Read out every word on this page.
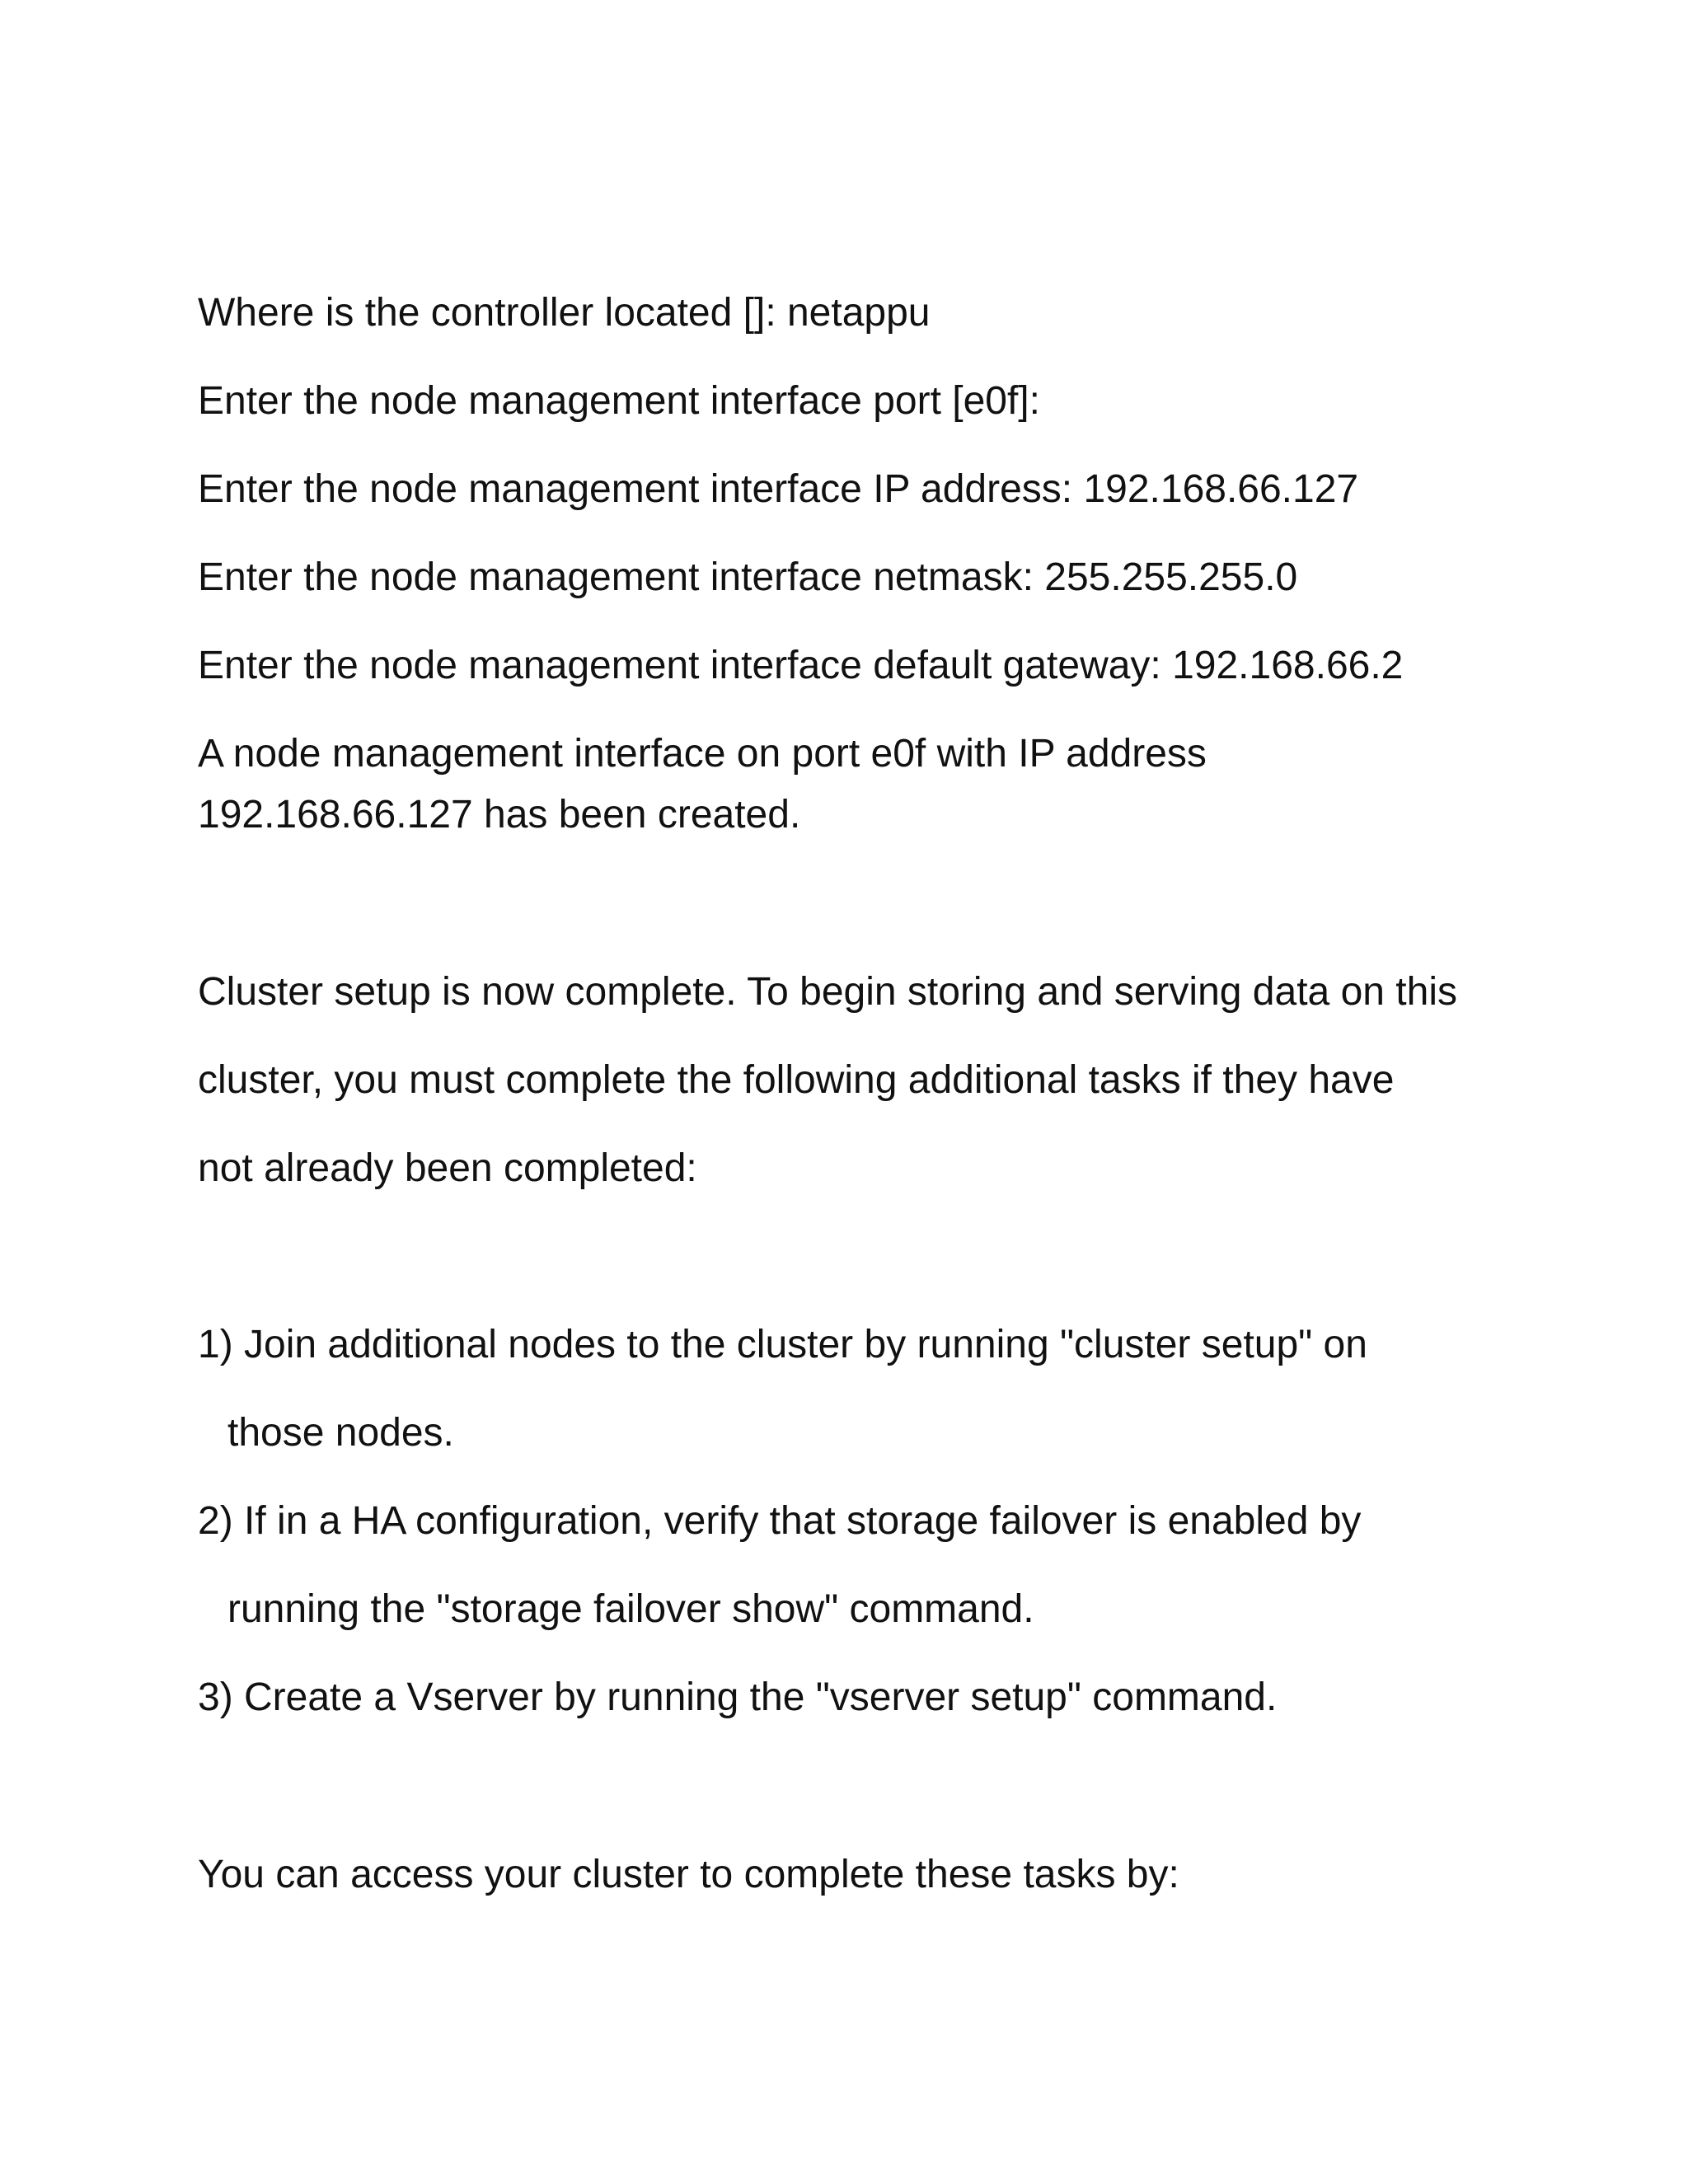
Where is the controller located []: netappu
Enter the node management interface port [e0f]:
Enter the node management interface IP address: 192.168.66.127
Enter the node management interface netmask: 255.255.255.0
Enter the node management interface default gateway: 192.168.66.2
A node management interface on port e0f with IP address
192.168.66.127 has been created.
Cluster setup is now complete. To begin storing and serving data on this
cluster, you must complete the following additional tasks if they have
not already been completed:
1) Join additional nodes to the cluster by running "cluster setup" on
those nodes.
2) If in a HA configuration, verify that storage failover is enabled by
running the "storage failover show" command.
3) Create a Vserver by running the "vserver setup" command.
You can access your cluster to complete these tasks by:
